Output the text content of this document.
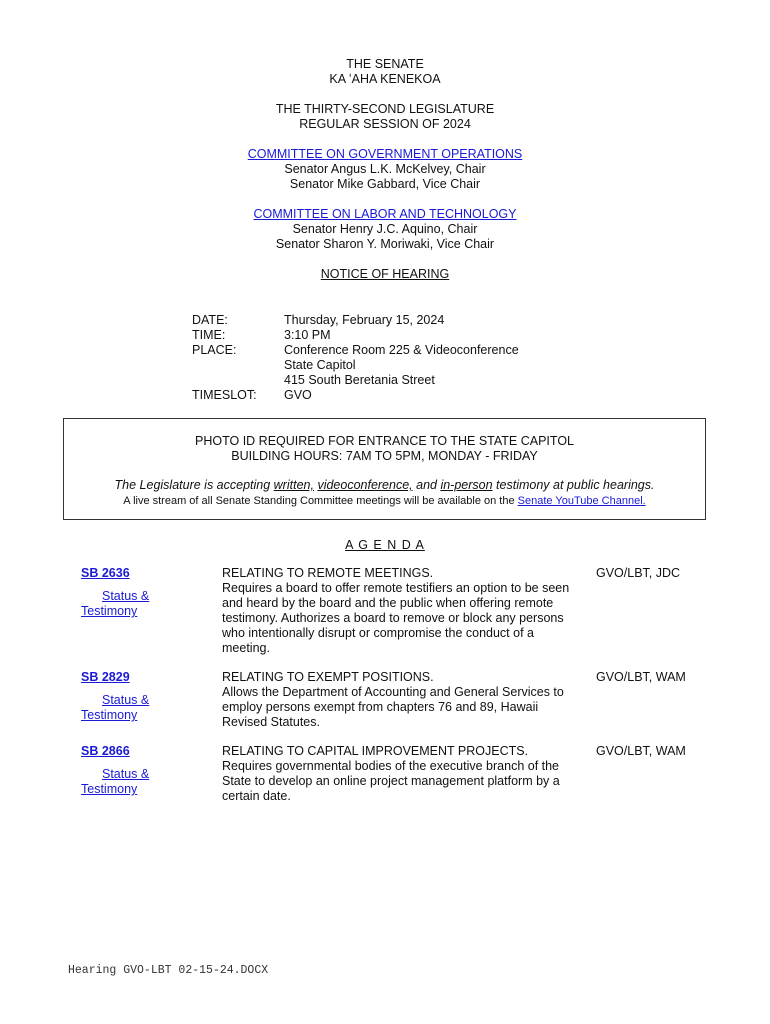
THE SENATE
KA ʻAHA KENEKOA
THE THIRTY-SECOND LEGISLATURE
REGULAR SESSION OF 2024
COMMITTEE ON GOVERNMENT OPERATIONS
Senator Angus L.K. McKelvey, Chair
Senator Mike Gabbard, Vice Chair
COMMITTEE ON LABOR AND TECHNOLOGY
Senator Henry J.C. Aquino, Chair
Senator Sharon Y. Moriwaki, Vice Chair
NOTICE OF HEARING
DATE:	Thursday, February 15, 2024
TIME:	3:10 PM
PLACE:	Conference Room 225 & Videoconference
State Capitol
415 South Beretania Street
TIMESLOT:	GVO
PHOTO ID REQUIRED FOR ENTRANCE TO THE STATE CAPITOL
BUILDING HOURS: 7AM TO 5PM, MONDAY - FRIDAY
The Legislature is accepting written, videoconference, and in-person testimony at public hearings.
A live stream of all Senate Standing Committee meetings will be available on the Senate YouTube Channel.
A G E N D A
SB 2636
Status &
Testimony
RELATING TO REMOTE MEETINGS.
Requires a board to offer remote testifiers an option to be seen and heard by the board and the public when offering remote testimony. Authorizes a board to remove or block any persons who intentionally disrupt or compromise the conduct of a meeting.
GVO/LBT, JDC
SB 2829
Status &
Testimony
RELATING TO EXEMPT POSITIONS.
Allows the Department of Accounting and General Services to employ persons exempt from chapters 76 and 89, Hawaii Revised Statutes.
GVO/LBT, WAM
SB 2866
Status &
Testimony
RELATING TO CAPITAL IMPROVEMENT PROJECTS.
Requires governmental bodies of the executive branch of the State to develop an online project management platform by a certain date.
GVO/LBT, WAM
Hearing GVO-LBT 02-15-24.DOCX
